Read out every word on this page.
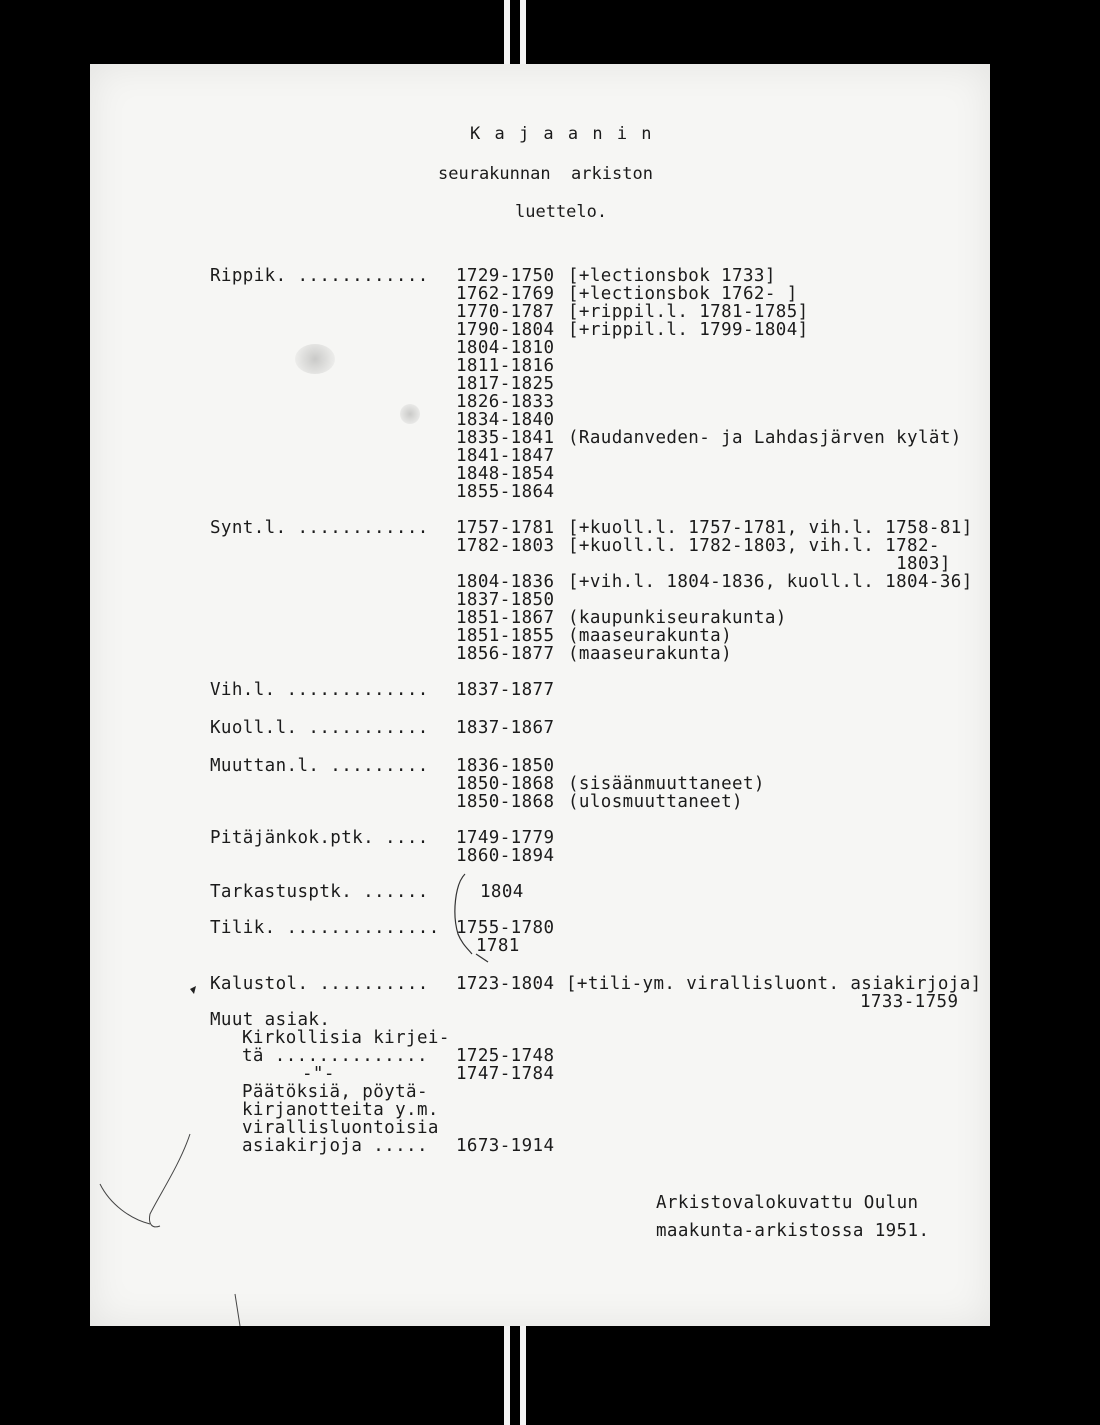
K a j a a n i n
seurakunnan  arkiston
luettelo.
Rippik. ............ 1729-1750 [+lectionsbok 1733]
1762-1769 [+lectionsbok 1762- ]
1770-1787 [+rippil.l. 1781-1785]
1790-1804 [+rippil.l. 1799-1804]
1804-1810
1811-1816
1817-1825
1826-1833
1834-1840
1835-1841 (Raudanveden- ja Lahdasjärven kylät)
1841-1847
1848-1854
1855-1864
Synt.l. ............ 1757-1781 [+kuoll.l. 1757-1781, vih.l. 1758-81]
1782-1803 [+kuoll.l. 1782-1803, vih.l. 1782-
1803]
1804-1836 [+vih.l. 1804-1836, kuoll.l. 1804-36]
1837-1850
1851-1867 (kaupunkiseurakunta)
1851-1855 (maaseurakunta)
1856-1877 (maaseurakunta)
Vih.l. ............. 1837-1877
Kuoll.l. ........... 1837-1867
Muuttan.l. ......... 1836-1850
1850-1868 (sisäänmuuttaneet)
1850-1868 (ulosmuuttaneet)
Pitäjänkok.ptk. .... 1749-1779
1860-1894
Tarkastusptk. ......	1804
Tilik. .............. 1755-1780
1781
Kalustol. .......... 1723-1804 [+tili-ym. virallisluont. asiakirjoja]
1733-1759
Muut asiak.
Kirkollisia kirjei-
tä .............. 1725-1748
-"-	1747-1784
Päätöksiä, pöytä-
kirjanotteita y.m.
virallisluontoisia
asiakirjoja ..... 1673-1914
Arkistovalokuvattu Oulun
maakunta-arkistossa 1951.
